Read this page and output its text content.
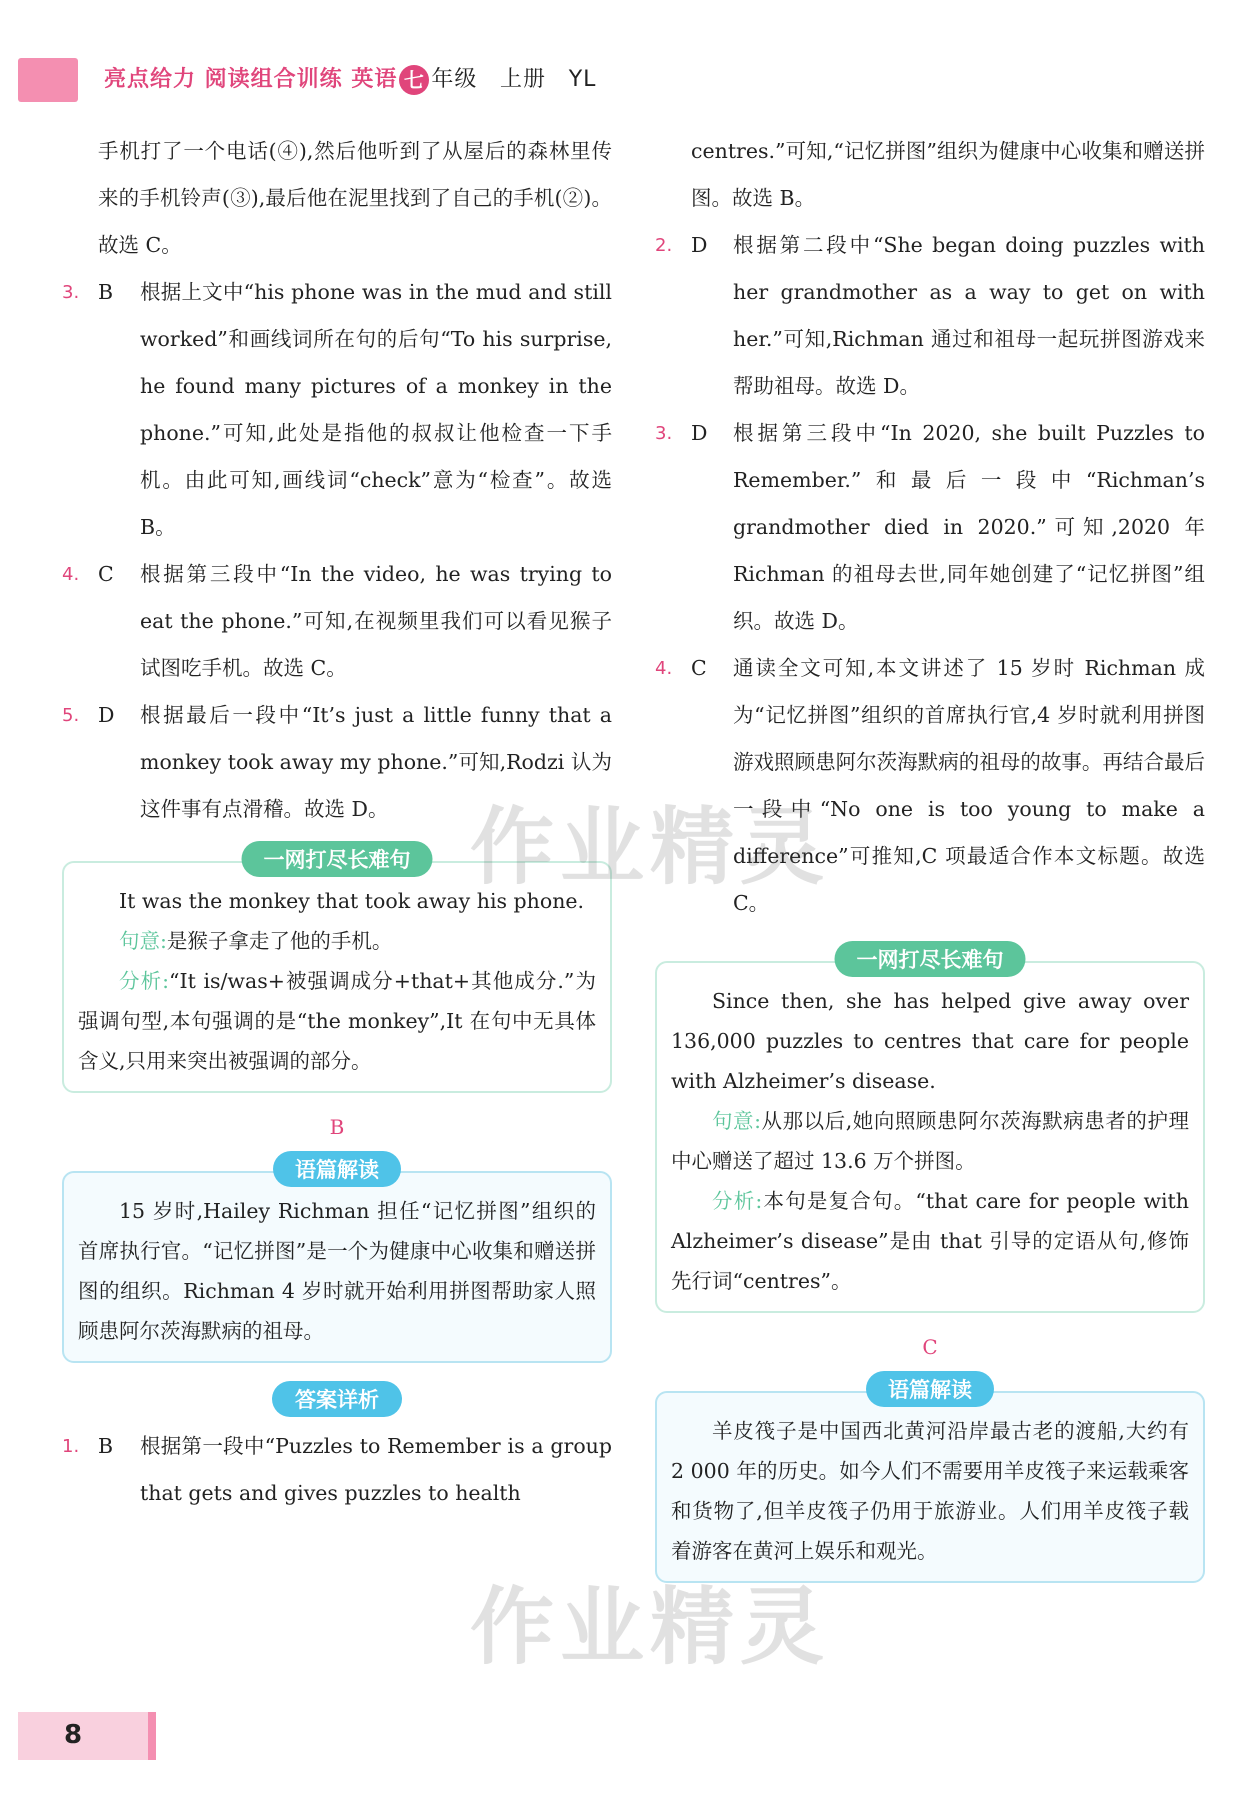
亮点给力 阅读组合训练 英语 七 年级 上册 YL
手机打了一个电话(④),然后他听到了从屋后的森林里传来的手机铃声(③),最后他在泥里找到了自己的手机(②)。故选 C。
3. B	根据上文中“his phone was in the mud and still worked”和画线词所在句的后句“To his surprise, he found many pictures of a monkey in the phone.”可知,此处是指他的叔叔让他检查一下手机。由此可知,画线词“check”意为“检查”。故选 B。
4. C	根据第三段中“In the video, he was trying to eat the phone.”可知,在视频里我们可以看见猴子试图吃手机。故选 C。
5. D	根据最后一段中“It’s just a little funny that a monkey took away my phone.”可知,Rodzi 认为这件事有点滑稽。故选 D。
一网打尽长难句
It was the monkey that took away his phone.
句意:是猴子拿走了他的手机。
分析:“It is/was+被强调成分+that+其他成分.”为强调句型,本句强调的是“the monkey”,It 在句中无具体含义,只用来突出被强调的部分。
B
语篇解读
15 岁时,Hailey Richman 担任“记忆拼图”组织的首席执行官。“记忆拼图”是一个为健康中心收集和赠送拼图的组织。Richman 4 岁时就开始利用拼图帮助家人照顾患阿尔茨海默病的祖母。
答案详析
1. B	根据第一段中“Puzzles to Remember is a group that gets and gives puzzles to health
centres.”可知,“记忆拼图”组织为健康中心收集和赠送拼图。故选 B。
2. D	根据第二段中“She began doing puzzles with her grandmother as a way to get on with her.”可知,Richman 通过和祖母一起玩拼图游戏来帮助祖母。故选 D。
3. D	根据第三段中“In 2020, she built Puzzles to Remember.”和最后一段中“Richman’s grandmother died in 2020.”可知,2020 年 Richman 的祖母去世,同年她创建了“记忆拼图”组织。故选 D。
4. C	通读全文可知,本文讲述了 15 岁时 Richman 成为“记忆拼图”组织的首席执行官,4 岁时就利用拼图游戏照顾患阿尔茨海默病的祖母的故事。再结合最后一段中“No one is too young to make a difference”可推知,C 项最适合作本文标题。故选 C。
一网打尽长难句
Since then, she has helped give away over 136,000 puzzles to centres that care for people with Alzheimer’s disease.
句意:从那以后,她向照顾患阿尔茨海默病患者的护理中心赠送了超过 13.6 万个拼图。
分析:本句是复合句。“that care for people with Alzheimer’s disease”是由 that 引导的定语从句,修饰先行词“centres”。
C
语篇解读
羊皮筏子是中国西北黄河沿岸最古老的渡船,大约有 2 000 年的历史。如今人们不需要用羊皮筏子来运载乘客和货物了,但羊皮筏子仍用于旅游业。人们用羊皮筏子载着游客在黄河上娱乐和观光。
作业精灵
作业精灵
8
